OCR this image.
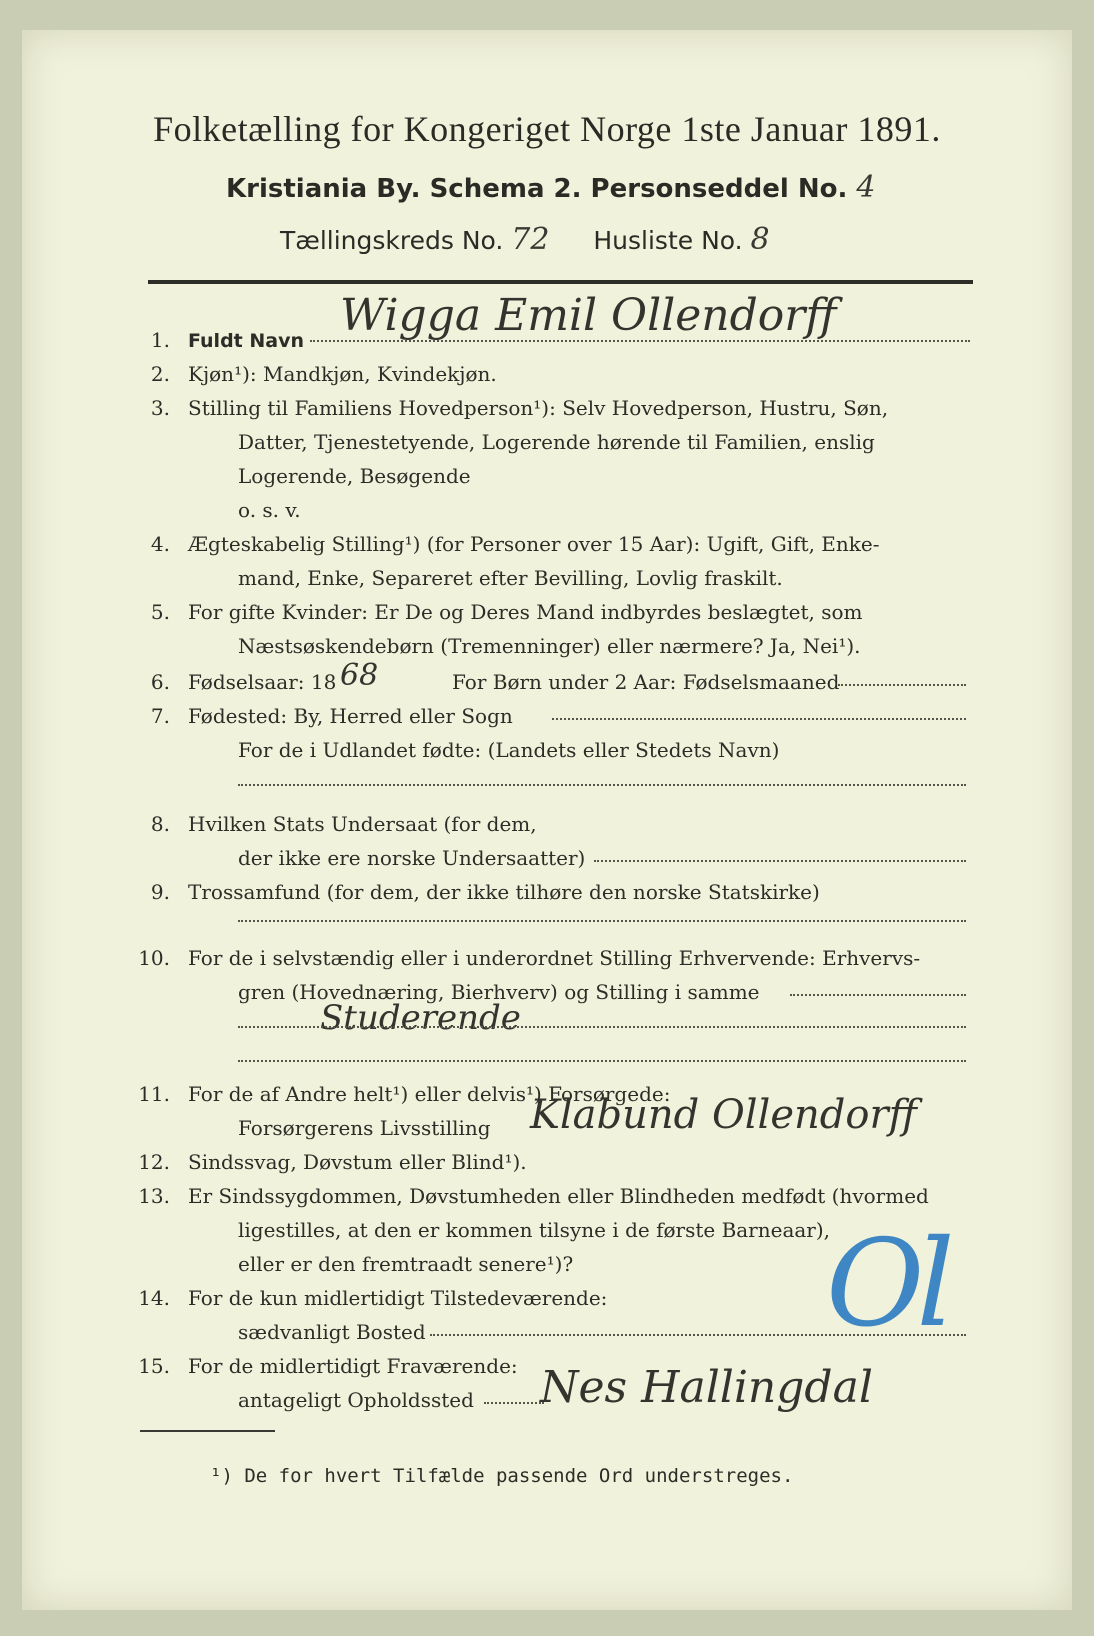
Folketælling for Kongeriget Norge 1ste Januar 1891.
Kristiania By. Schema 2. Personseddel No. 4
Tællingskreds No. 72 Husliste No. 8
1. Fuldt Navn Wigga Emil Ollendorff
2. Kjøn¹): Mandkjøn, Kvindekjøn.
3. Stilling til Familiens Hovedperson¹): Selv Hovedperson, Hustru, Søn,
Datter, Tjenestetyende, Logerende hørende til Familien, enslig
Logerende, Besøgende
o. s. v.
4. Ægteskabelig Stilling¹) (for Personer over 15 Aar): Ugift, Gift, Enke-
mand, Enke, Separeret efter Bevilling, Lovlig fraskilt.
5. For gifte Kvinder: Er De og Deres Mand indbyrdes beslægtet, som
Næstsøskendebørn (Tremenninger) eller nærmere? Ja, Nei¹).
6. Fødselsaar: 18 68	For Børn under 2 Aar: Fødselsmaaned
7. Fødested: By, Herred eller Sogn
For de i Udlandet fødte: (Landets eller Stedets Navn)
8. Hvilken Stats Undersaat (for dem,
der ikke ere norske Undersaatter)
9. Trossamfund (for dem, der ikke tilhøre den norske Statskirke)
10. For de i selvstændig eller i underordnet Stilling Erhvervende: Erhvervs-
gren (Hovednæring, Bierhverv) og Stilling i samme
Studerende
11. For de af Andre helt¹) eller delvis¹) Forsørgede:
Forsørgerens Livsstilling Klabund Ollendorff
12. Sindssvag, Døvstum eller Blind¹).
13. Er Sindssygdommen, Døvstumheden eller Blindheden medfødt (hvormed
ligestilles, at den er kommen tilsyne i de første Barneaar),
eller er den fremtraadt senere¹)?
14. For de kun midlertidigt Tilstedeværende:
sædvanligt Bosted
15. For de midlertidigt Fraværende:
antageligt Opholdssted Nes Hallingdal
Ol
¹) De for hvert Tilfælde passende Ord understreges.
